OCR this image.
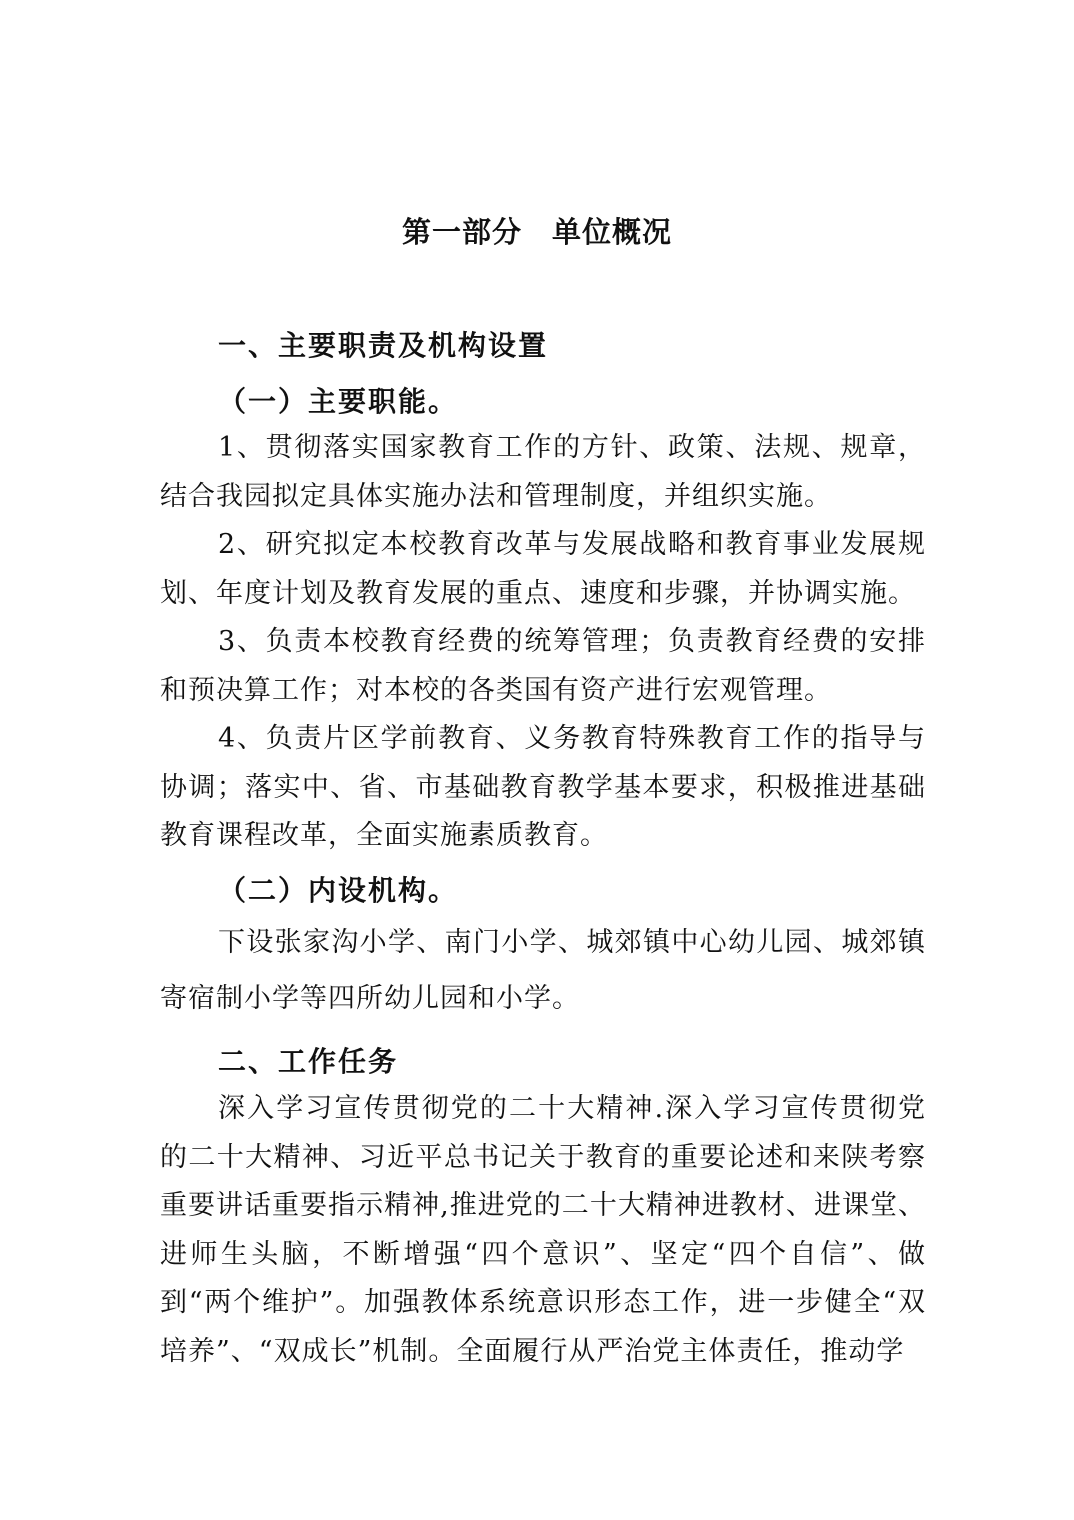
第一部分　单位概况
一、主要职责及机构设置
（一）主要职能。
1、贯彻落实国家教育工作的方针、政策、法规、规章，结合我园拟定具体实施办法和管理制度，并组织实施。
2、研究拟定本校教育改革与发展战略和教育事业发展规划、年度计划及教育发展的重点、速度和步骤，并协调实施。
3、负责本校教育经费的统筹管理；负责教育经费的安排和预决算工作；对本校的各类国有资产进行宏观管理。
4、负责片区学前教育、义务教育特殊教育工作的指导与协调；落实中、省、市基础教育教学基本要求，积极推进基础教育课程改革，全面实施素质教育。
（二）内设机构。
下设张家沟小学、南门小学、城郊镇中心幼儿园、城郊镇寄宿制小学等四所幼儿园和小学。
二、工作任务
深入学习宣传贯彻党的二十大精神.深入学习宣传贯彻党的二十大精神、习近平总书记关于教育的重要论述和来陕考察重要讲话重要指示精神,推进党的二十大精神进教材、进课堂、进师生头脑，不断增强“四个意识”、坚定“四个自信”、做到“两个维护”。加强教体系统意识形态工作，进一步健全“双培养”、“双成长”机制。全面履行从严治党主体责任，推动学
